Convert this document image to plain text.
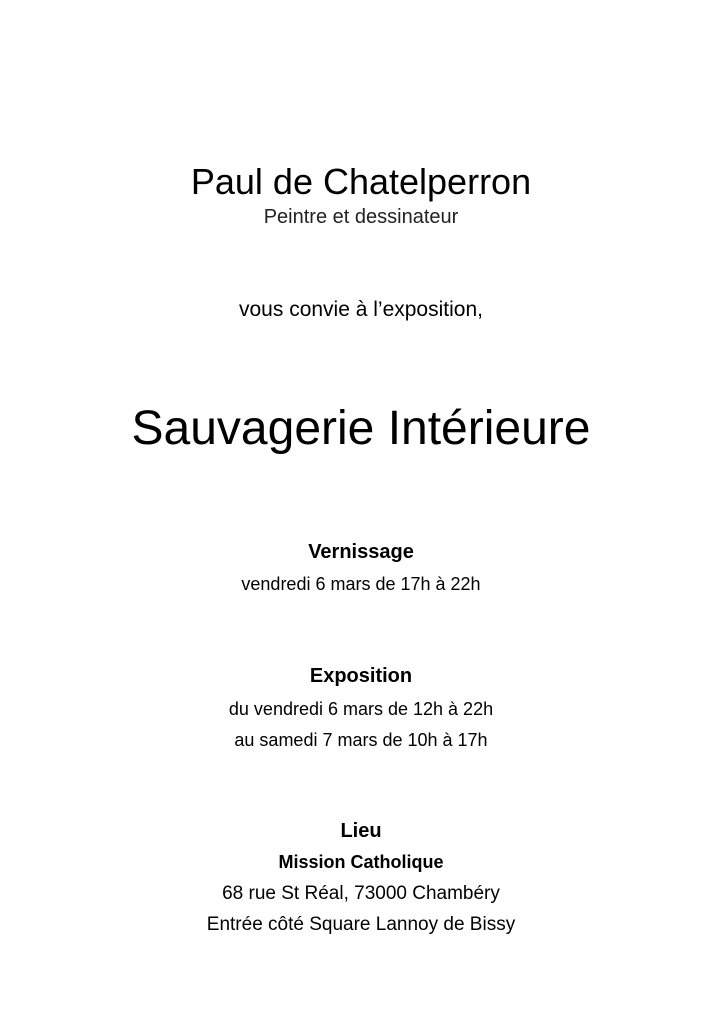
Paul de Chatelperron
Peintre et dessinateur
vous convie à l’exposition,
Sauvagerie Intérieure
Vernissage
vendredi 6 mars de 17h à 22h
Exposition
du vendredi 6 mars de 12h à 22h
au samedi 7 mars de 10h à 17h
Lieu
Mission Catholique
68 rue St Réal, 73000 Chambéry
Entrée côté Square Lannoy de Bissy
